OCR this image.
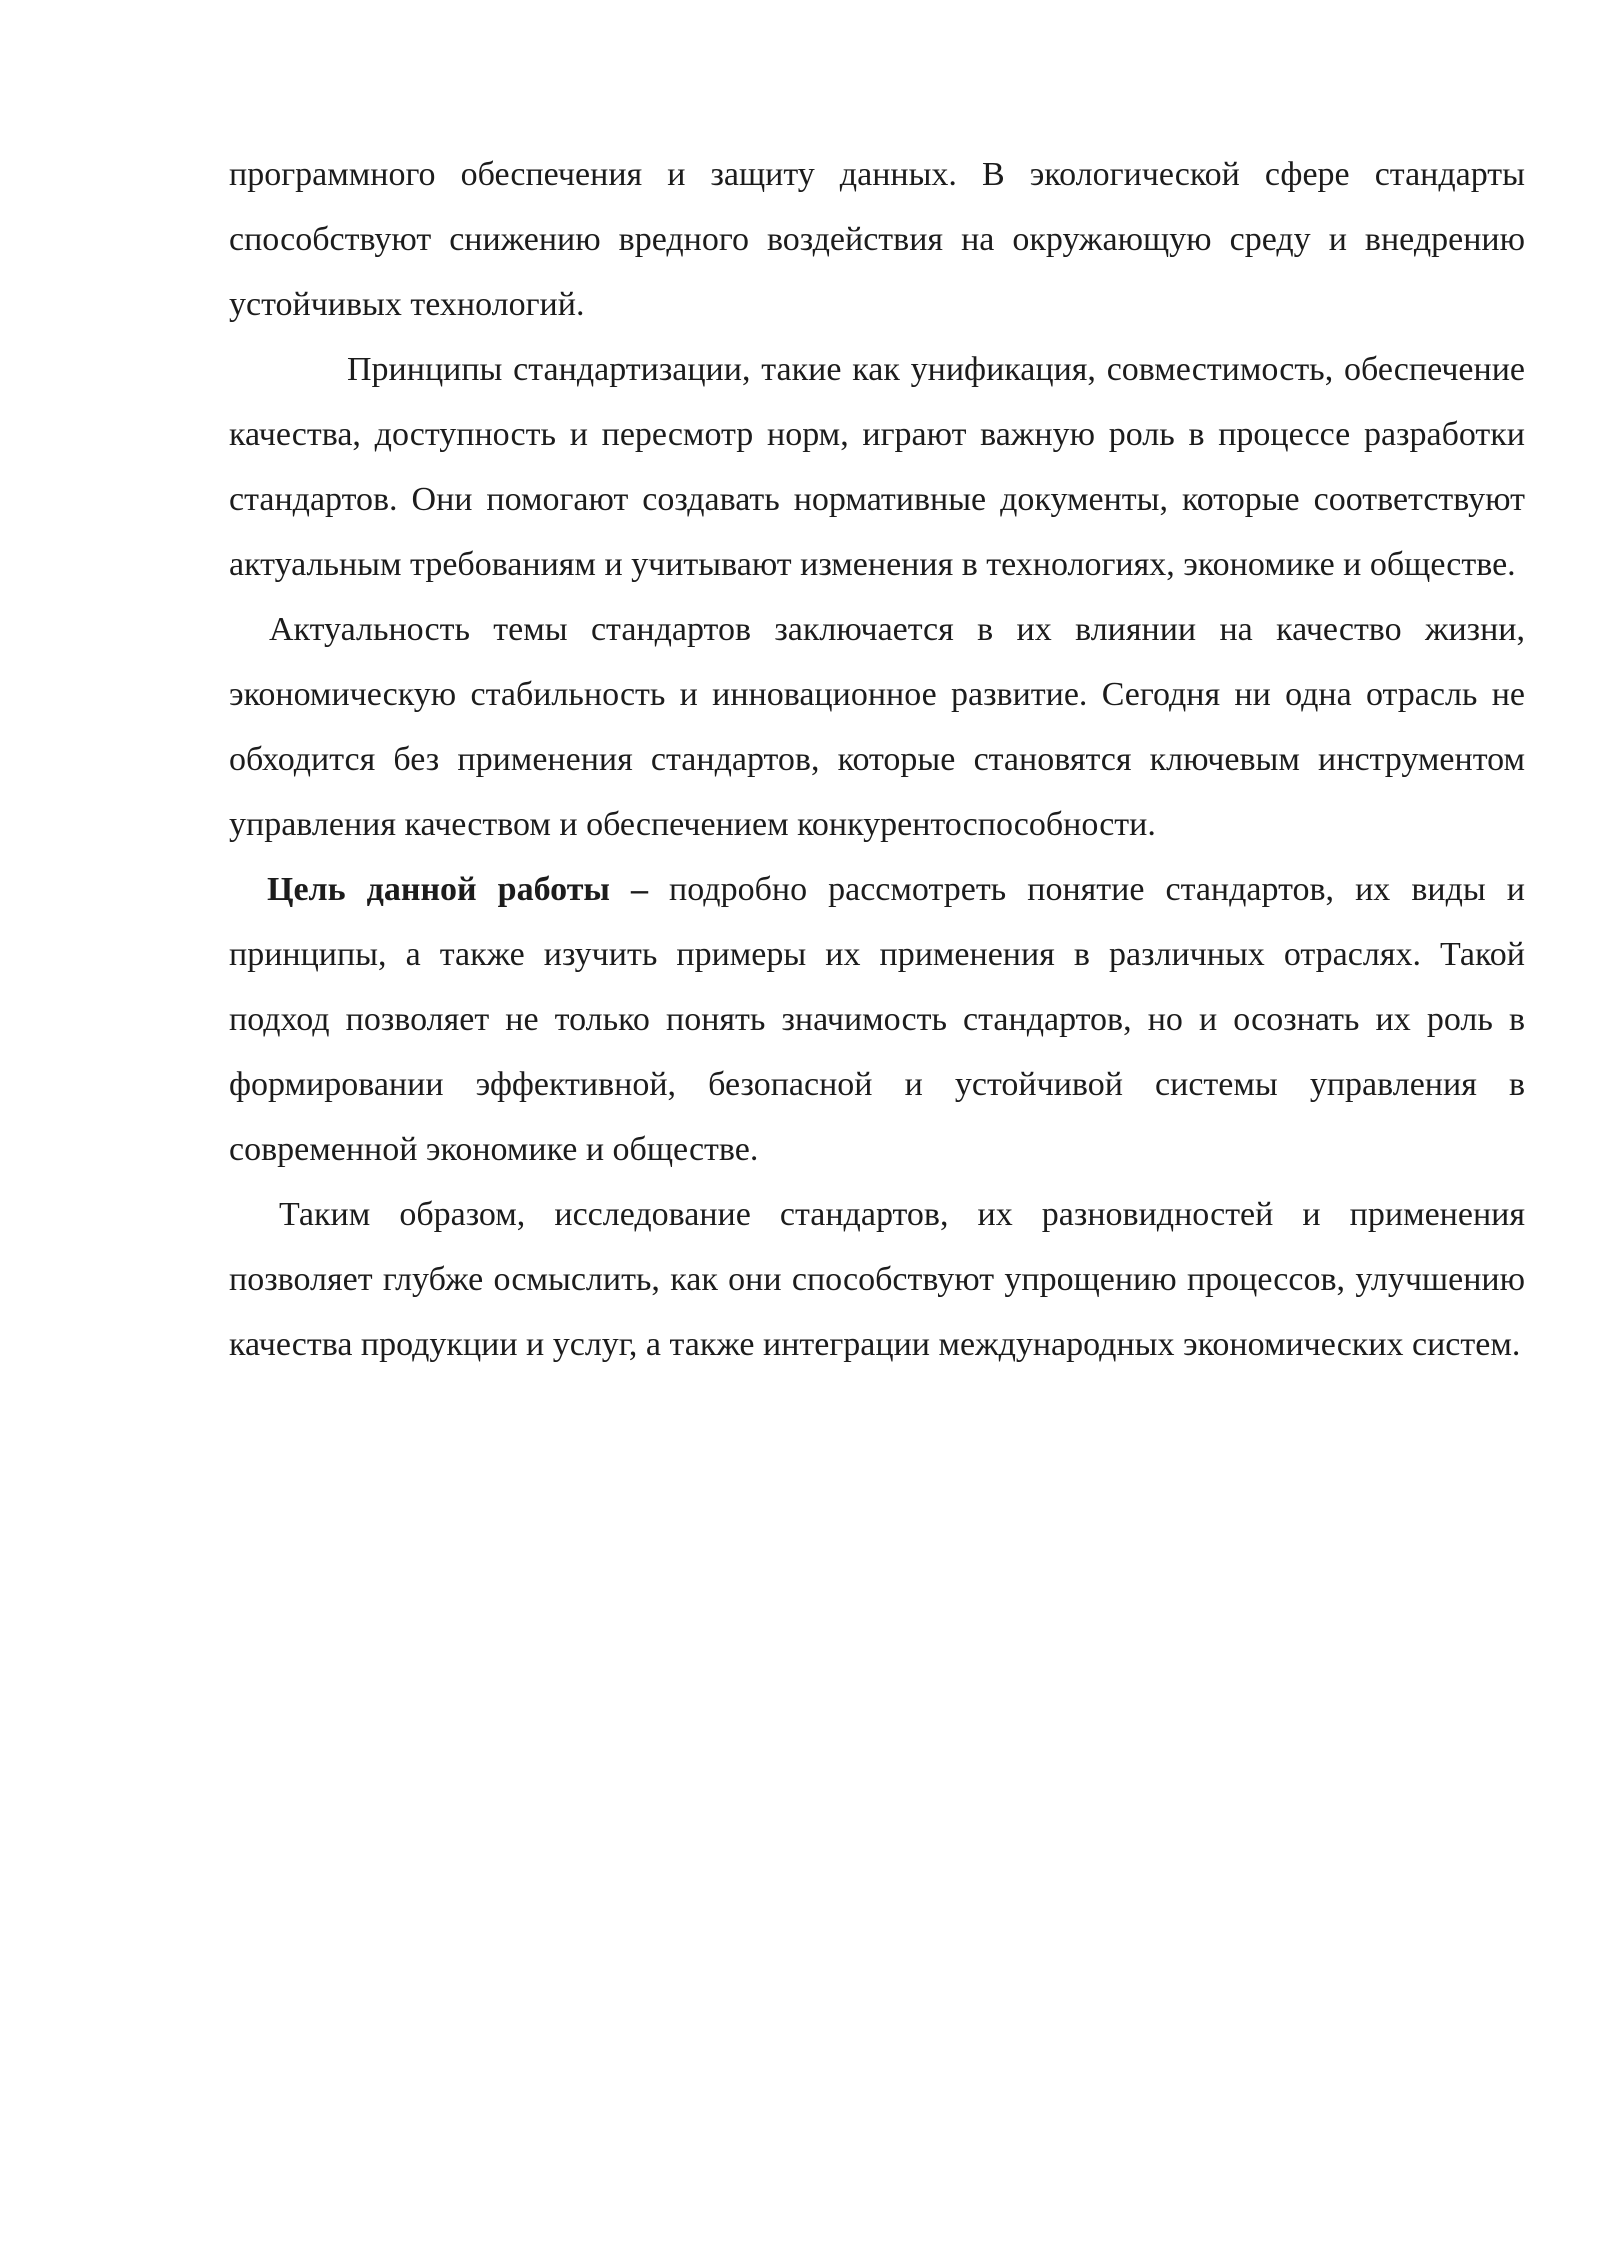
программного обеспечения и защиту данных. В экологической сфере стандарты способствуют снижению вредного воздействия на окружающую среду и внедрению устойчивых технологий.

Принципы стандартизации, такие как унификация, совместимость, обеспечение качества, доступность и пересмотр норм, играют важную роль в процессе разработки стандартов. Они помогают создавать нормативные документы, которые соответствуют актуальным требованиям и учитывают изменения в технологиях, экономике и обществе.

Актуальность темы стандартов заключается в их влиянии на качество жизни, экономическую стабильность и инновационное развитие. Сегодня ни одна отрасль не обходится без применения стандартов, которые становятся ключевым инструментом управления качеством и обеспечением конкурентоспособности.

Цель данной работы – подробно рассмотреть понятие стандартов, их виды и принципы, а также изучить примеры их применения в различных отраслях. Такой подход позволяет не только понять значимость стандартов, но и осознать их роль в формировании эффективной, безопасной и устойчивой системы управления в современной экономике и обществе.

Таким образом, исследование стандартов, их разновидностей и применения позволяет глубже осмыслить, как они способствуют упрощению процессов, улучшению качества продукции и услуг, а также интеграции международных экономических систем.
